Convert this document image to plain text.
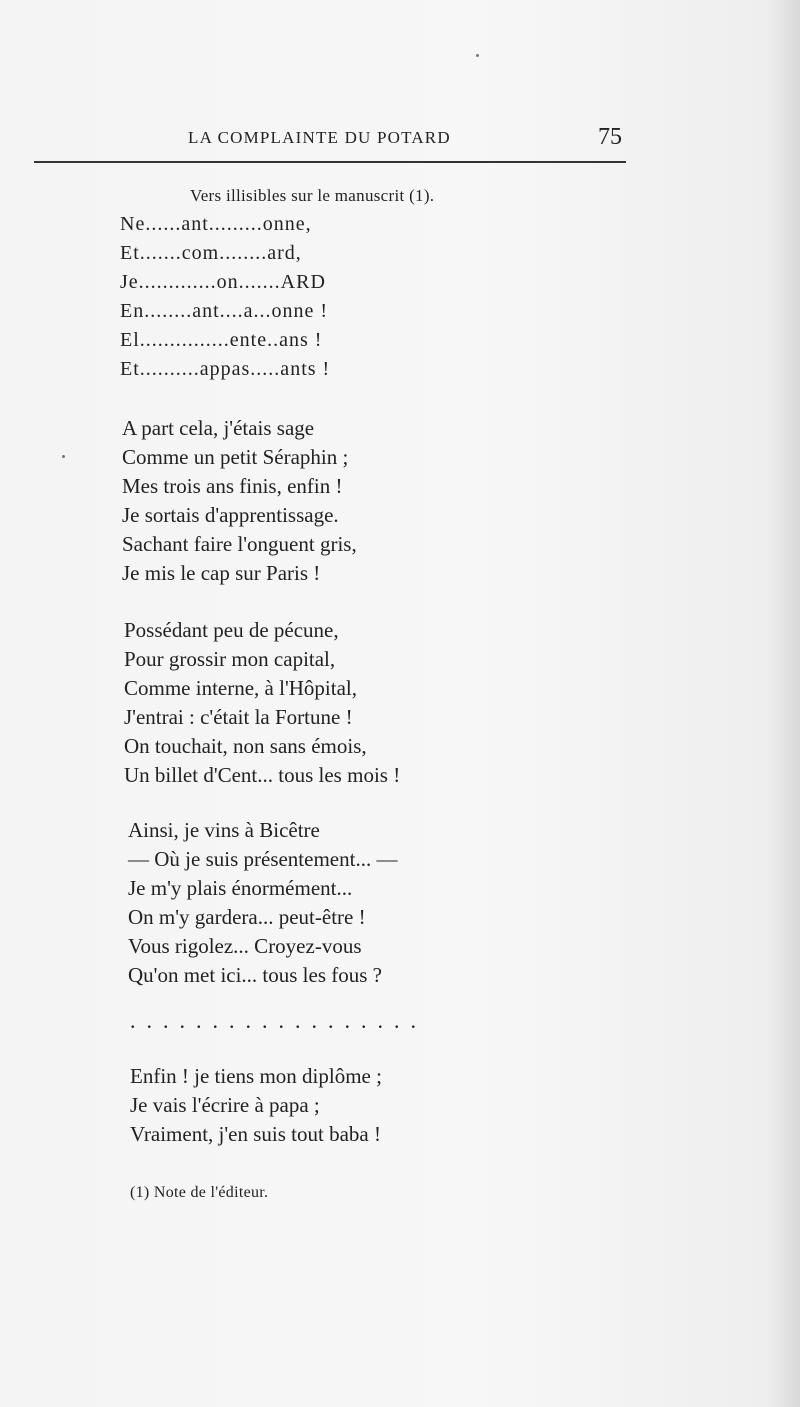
LA COMPLAINTE DU POTARD	75
Vers illisibles sur le manuscrit (1).
Ne......ant.........onne,
Et.......com........ard,
Je.............on.......ARD
En........ant....a...onne !
El...............ente..ans !
Et..........appas.....ants !
A part cela, j'étais sage
Comme un petit Séraphin ;
Mes trois ans finis, enfin !
Je sortais d'apprentissage.
Sachant faire l'onguent gris,
Je mis le cap sur Paris !
Possédant peu de pécune,
Pour grossir mon capital,
Comme interne, à l'Hôpital,
J'entrai : c'était la Fortune !
On touchait, non sans émois,
Un billet d'Cent... tous les mois !
Ainsi, je vins à Bicêtre
— Où je suis présentement... —
Je m'y plais énormément...
On m'y gardera... peut-être !
Vous rigolez... Croyez-vous
Qu'on met ici... tous les fous ?
..................
Enfin ! je tiens mon diplôme ;
Je vais l'écrire à papa ;
Vraiment, j'en suis tout baba !
(1) Note de l'éditeur.
